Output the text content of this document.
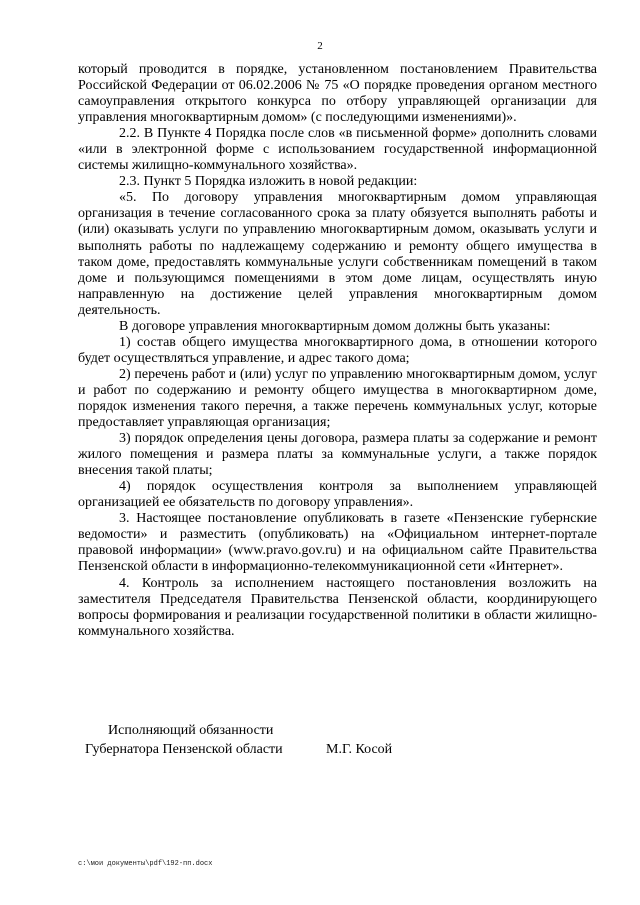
2

который проводится в порядке, установленном постановлением Правительства Российской Федерации от 06.02.2006 № 75 «О порядке проведения органом местного самоуправления открытого конкурса по отбору управляющей организации для управления многоквартирным домом» (с последующими изменениями)».

2.2. В Пункте 4 Порядка после слов «в письменной форме» дополнить словами «или в электронной форме с использованием государственной информационной системы жилищно-коммунального хозяйства».

2.3. Пункт 5 Порядка изложить в новой редакции:

«5. По договору управления многоквартирным домом управляющая организация в течение согласованного срока за плату обязуется выполнять работы и (или) оказывать услуги по управлению многоквартирным домом, оказывать услуги и выполнять работы по надлежащему содержанию и ремонту общего имущества в таком доме, предоставлять коммунальные услуги собственникам помещений в таком доме и пользующимся помещениями в этом доме лицам, осуществлять иную направленную на достижение целей управления многоквартирным домом деятельность.

В договоре управления многоквартирным домом должны быть указаны:

1) состав общего имущества многоквартирного дома, в отношении которого будет осуществляться управление, и адрес такого дома;

2) перечень работ и (или) услуг по управлению многоквартирным домом, услуг и работ по содержанию и ремонту общего имущества в многоквартирном доме, порядок изменения такого перечня, а также перечень коммунальных услуг, которые предоставляет управляющая организация;

3) порядок определения цены договора, размера платы за содержание и ремонт жилого помещения и размера платы за коммунальные услуги, а также порядок внесения такой платы;

4) порядок осуществления контроля за выполнением управляющей организацией ее обязательств по договору управления».

3. Настоящее постановление опубликовать в газете «Пензенские губернские ведомости» и разместить (опубликовать) на «Официальном интернет-портале правовой информации» (www.pravo.gov.ru) и на официальном сайте Правительства Пензенской области в информационно-телекоммуникационной сети «Интернет».

4. Контроль за исполнением настоящего постановления возложить на заместителя Председателя Правительства Пензенской области, координирующего вопросы формирования и реализации государственной политики в области жилищно-коммунального хозяйства.

Исполняющий обязанности
Губернатора Пензенской области	М.Г. Косой
c:\мои документы\pdf\192-пп.docx
